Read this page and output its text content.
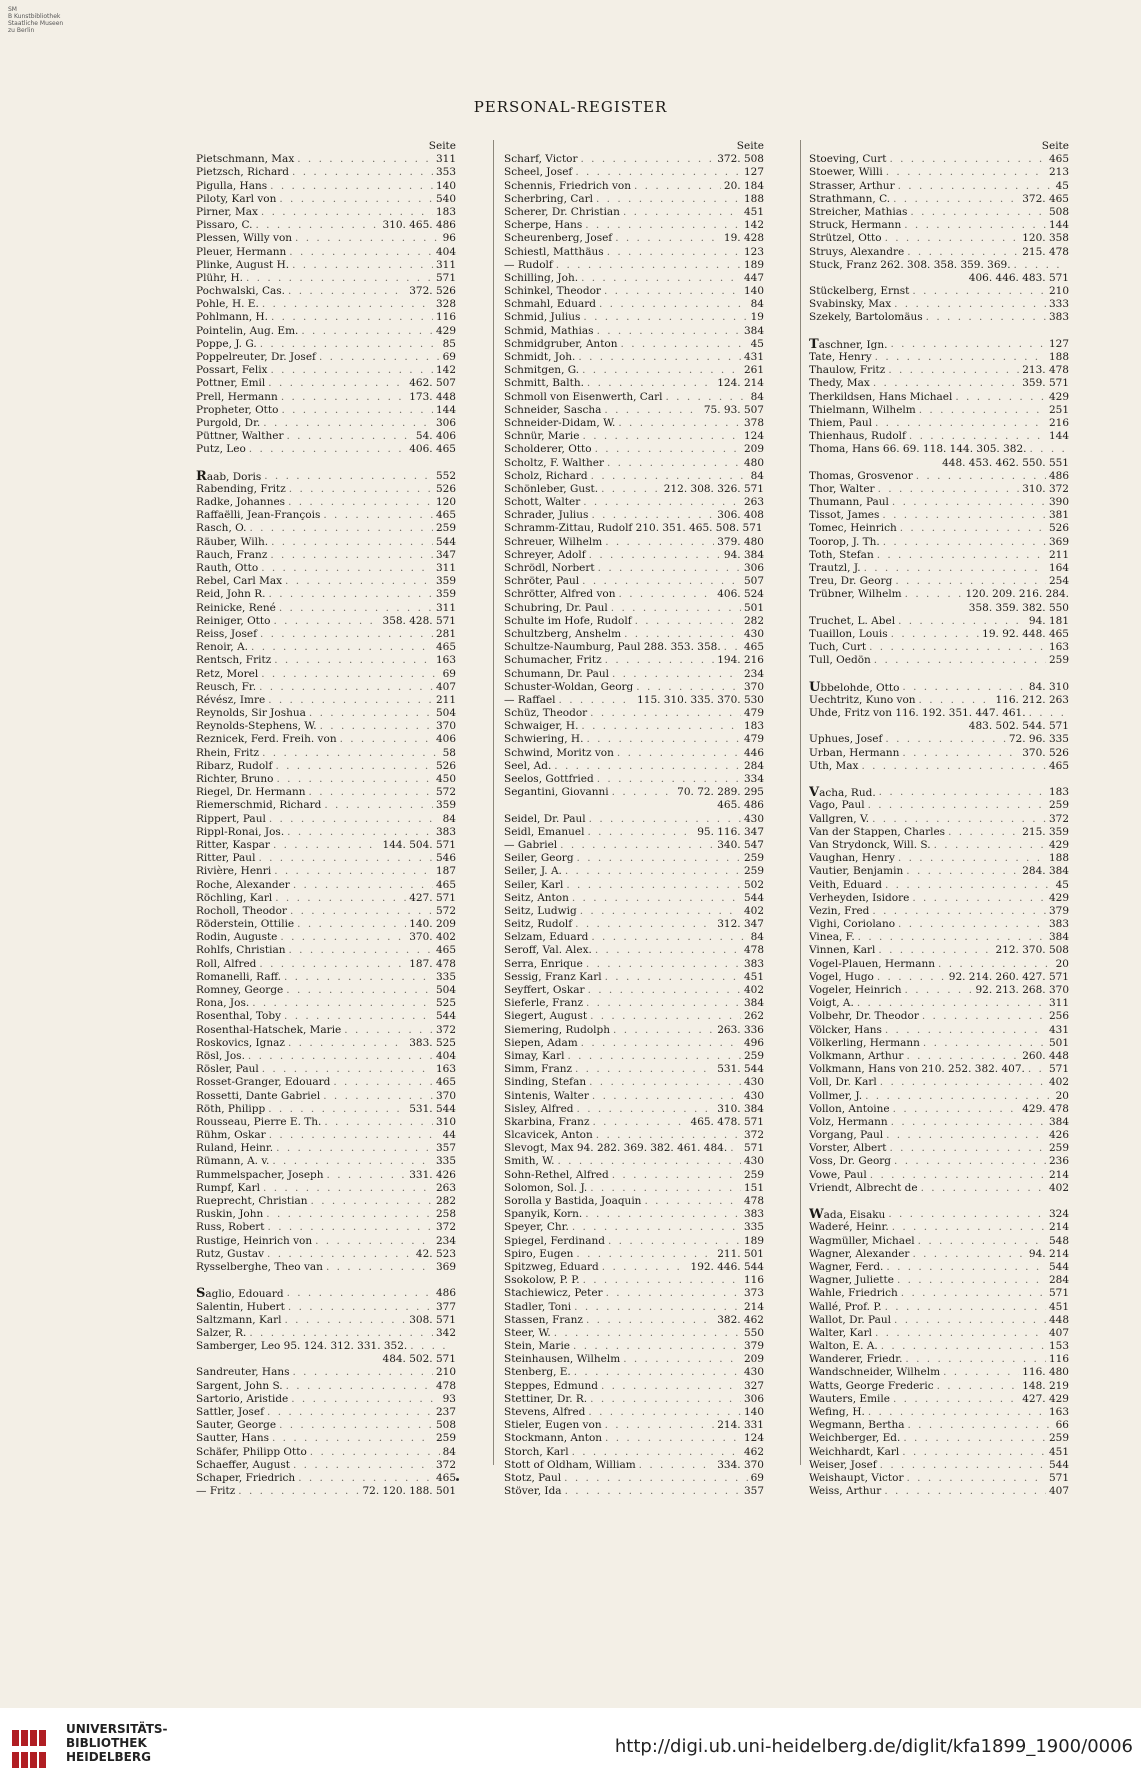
SM
B Kunstbibliothek
Staatliche Museen
zu Berlin
PERSONAL-REGISTER
Seite
Pietschmann, Max . . .	311
Pietzsch, Richard . . .	353
Pigulla, Hans . . .	140
Piloty, Karl von . . .	540
Pirner, Max . . .	183
Pissaro, C. . . .	310. 465. 486
Plessen, Willy von . . .	96
Pleuer, Hermann . . .	404
Plinke, August H. . . .	311
Plühr, H. . . .	571
Pochwalski, Cas. . . .	372. 526
Pohle, H. E. . . .	328
Pohlmann, H. . . .	116
Pointelin, Aug. Em. . . .	429
Poppe, J. G. . . .	85
Poppelreuter, Dr. Josef . . .	69
Possart, Felix . . .	142
Pottner, Emil . . .	462. 507
Prell, Hermann . . .	173. 448
Propheter, Otto . . .	144
Purgold, Dr. . . .	306
Püttner, Walther . . .	54. 406
Putz, Leo . . .	406. 465
Raab, Doris . . .	552
Rabending, Fritz . . .	526
Radke, Johannes . . .	120
Raffaëlli, Jean-François . . .	465
Rasch, O. . . .	259
Räuber, Wilh. . . .	544
Rauch, Franz . . .	347
Rauth, Otto . . .	311
Rebel, Carl Max . . .	359
Reid, John R. . . .	359
Reinicke, René . . .	311
Reiniger, Otto . . .	358. 428. 571
Reiss, Josef . . .	281
Renoir, A. . . .	465
Rentsch, Fritz . . .	163
Retz, Morel . . .	69
Reusch, Fr. . . .	407
Révész, Imre . . .	211
Reynolds, Sir Joshua . . .	504
Reynolds-Stephens, W. . . .	370
Reznicek, Ferd. Freih. von . . .	406
Rhein, Fritz . . .	58
Ribarz, Rudolf . . .	526
Richter, Bruno . . .	450
Riegel, Dr. Hermann . . .	572
Riemerschmid, Richard . . .	359
Rippert, Paul . . .	84
Rippl-Ronai, Jos. . . .	383
Ritter, Kaspar . . .	144. 504. 571
Ritter, Paul . . .	546
Rivière, Henri . . .	187
Roche, Alexander . . .	465
Röchling, Karl . . .	427. 571
Rocholl, Theodor . . .	572
Röderstein, Ottilie . . .	140. 209
Rodin, Auguste . . .	370. 402
Rohlfs, Christian . . .	465
Roll, Alfred . . .	187. 478
Romanelli, Raff. . . .	335
Romney, George . . .	504
Rona, Jos. . . .	525
Rosenthal, Toby . . .	544
Rosenthal-Hatschek, Marie . . .	372
Roskovics, Ignaz . . .	383. 525
Rösl, Jos. . . .	404
Rösler, Paul . . .	163
Rosset-Granger, Edouard . . .	465
Rossetti, Dante Gabriel . . .	370
Röth, Philipp . . .	531. 544
Rousseau, Pierre E. Th. . . .	310
Rühm, Oskar . . .	44
Ruland, Heinr. . . .	357
Rümann, A. v. . . .	335
Rummelspacher, Joseph . . .	331. 426
Rumpf, Karl . . .	263
Rueprecht, Christian . . .	282
Ruskin, John . . .	258
Russ, Robert . . .	372
Rustige, Heinrich von . . .	234
Rutz, Gustav . . .	42. 523
Rysselberghe, Theo van . . .	369
Saglio, Edouard . . .	486
Salentin, Hubert . . .	377
Saltzmann, Karl . . .	308. 571
Salzer, R. . . .	342
Samberger, Leo 95. 124. 312. 331. 352.
. . .
484. 502. 571
Sandreuter, Hans . . .	210
Sargent, John S. . . .	478
Sartorio, Aristide . . .	93
Sattler, Josef . . .	237
Sauter, George . . .	508
Sautter, Hans . . .	259
Schäfer, Philipp Otto . . .	84
Schaeffer, August . . .	372
Schaper, Friedrich . . .	465
— Fritz . . .	72. 120. 188. 501
Seite
Scharf, Victor . . .	372. 508
Scheel, Josef . . .	127
Schennis, Friedrich von . . .	20. 184
Scherbring, Carl . . .	188
Scherer, Dr. Christian . . .	451
Scherpe, Hans . . .	142
Scheurenberg, Josef . . .	19. 428
Schiestl, Matthäus . . .	123
— Rudolf . . .	189
Schilling, Joh. . . .	447
Schinkel, Theodor . . .	140
Schmahl, Eduard . . .	84
Schmid, Julius . . .	19
Schmid, Mathias . . .	384
Schmidgruber, Anton . . .	45
Schmidt, Joh. . . .	431
Schmitgen, G. . . .	261
Schmitt, Balth. . . .	124. 214
Schmoll von Eisenwerth, Carl . . .	84
Schneider, Sascha . . .	75. 93. 507
Schneider-Didam, W. . . .	378
Schnür, Marie . . .	124
Scholderer, Otto . . .	209
Scholtz, F. Walther . . .	480
Scholz, Richard . . .	84
Schönleber, Gust. . . .	212. 308. 326. 571
Schott, Walter . . .	263
Schrader, Julius . . .	306. 408
Schramm-Zittau, Rudolf 210. 351. 465. 508. 571
Schreuer, Wilhelm . . .	379. 480
Schreyer, Adolf . . .	94. 384
Schrödl, Norbert . . .	306
Schröter, Paul . . .	507
Schrötter, Alfred von . . .	406. 524
Schubring, Dr. Paul . . .	501
Schulte im Hofe, Rudolf . . .	282
Schultzberg, Anshelm . . .	430
Schultze-Naumburg, Paul 288. 353. 358. . . . 465
Schumacher, Fritz . . .	194. 216
Schumann, Dr. Paul . . .	234
Schuster-Woldan, Georg . . .	370
— Raffael . . .	115. 310. 335. 370. 530
Schüz, Theodor . . .	479
Schwaiger, H. . . .	183
Schwiering, H. . . .	479
Schwind, Moritz von . . .	446
Seel, Ad. . . .	284
Seelos, Gottfried . . .	334
Segantini, Giovanni . . .	70. 72. 289. 295
465. 486
Seidel, Dr. Paul . . .	430
Seidl, Emanuel . . .	95. 116. 347
— Gabriel . . .	340. 547
Seiler, Georg . . .	259
Seiler, J. A. . . .	259
Seiler, Karl . . .	502
Seitz, Anton . . .	544
Seitz, Ludwig . . .	402
Seitz, Rudolf . . .	312. 347
Selzam, Eduard . . .	84
Seroff, Val. Alex. . . .	478
Serra, Enrique . . .	383
Sessig, Franz Karl . . .	451
Seyffert, Oskar . . .	402
Sieferle, Franz . . .	384
Siegert, August . . .	262
Siemering, Rudolph . . .	263. 336
Siepen, Adam . . .	496
Simay, Karl . . .	259
Simm, Franz . . .	531. 544
Sinding, Stefan . . .	430
Sintenis, Walter . . .	430
Sisley, Alfred . . .	310. 384
Skarbina, Franz . . .	465. 478. 571
Slcavicek, Anton . . .	372
Slevogt, Max 94. 282. 369. 382. 461. 484. . . . 571
Smith, W. . . .	430
Sohn-Rethel, Alfred . . .	259
Solomon, Sol. J. . . .	151
Sorolla y Bastida, Joaquin . . .	478
Spanyik, Korn. . . .	383
Speyer, Chr. . . .	335
Spiegel, Ferdinand . . .	189
Spiro, Eugen . . .	211. 501
Spitzweg, Eduard . . .	192. 446. 544
Ssokolow, P. P. . . .	116
Stachiewicz, Peter . . .	373
Stadler, Toni . . .	214
Stassen, Franz . . .	382. 462
Steer, W. . . .	550
Stein, Marie . . .	379
Steinhausen, Wilhelm . . .	209
Stenberg, E. . . .	430
Steppes, Edmund . . .	327
Stettiner, Dr. R. . . .	306
Stevens, Alfred . . .	140
Stieler, Eugen von . . .	214. 331
Stockmann, Anton . . .	124
Storch, Karl . . .	462
Stott of Oldham, William . . .	334. 370
Stotz, Paul . . .	69
Stöver, Ida . . .	357
Seite
Stoeving, Curt . . .	465
Stoewer, Willi . . .	213
Strasser, Arthur . . .	45
Strathmann, C. . . .	372. 465
Streicher, Mathias . . .	508
Struck, Hermann . . .	144
Strützel, Otto . . .	120. 358
Struys, Alexandre . . .	215. 478
Stuck, Franz 262. 308. 358. 359. 369.
. . .
406. 446. 483. 571
Stückelberg, Ernst . . .	210
Svabinsky, Max . . .	333
Szekely, Bartolomäus . . .	383
Taschner, Ign. . . .	127
Tate, Henry . . .	188
Thaulow, Fritz . . .	213. 478
Thedy, Max . . .	359. 571
Therkildsen, Hans Michael . . .	429
Thielmann, Wilhelm . . .	251
Thiem, Paul . . .	216
Thienhaus, Rudolf . . .	144
Thoma, Hans 66. 69. 118. 144. 305. 382.
. . .
448. 453. 462. 550. 551
Thomas, Grosvenor . . .	486
Thor, Walter . . .	310. 372
Thumann, Paul . . .	390
Tissot, James . . .	381
Tomec, Heinrich . . .	526
Toorop, J. Th. . . .	369
Toth, Stefan . . .	211
Trautzl, J. . . .	164
Treu, Dr. Georg . . .	254
Trübner, Wilhelm . . .	120. 209. 216. 284.
358. 359. 382. 550
Truchet, L. Abel . . .	94. 181
Tuaillon, Louis . . .	19. 92. 448. 465
Tuch, Curt . . .	163
Tull, Oedön . . .	259
Ubbelohde, Otto . . .	84. 310
Uechtritz, Kuno von . . .	116. 212. 263
Uhde, Fritz von 116. 192. 351. 447. 461.
. . .
483. 502. 544. 571
Uphues, Josef . . .	72. 96. 335
Urban, Hermann . . .	370. 526
Uth, Max . . .	465
Vacha, Rud. . . .	183
Vago, Paul . . .	259
Vallgren, V. . . .	372
Van der Stappen, Charles . . .	215. 359
Van Strydonck, Will. S. . . .	429
Vaughan, Henry . . .	188
Vautier, Benjamin . . .	284. 384
Veith, Eduard . . .	45
Verheyden, Isidore . . .	429
Vezin, Fred . . .	379
Vighi, Coriolano . . .	383
Vinea, F. . . .	384
Vinnen, Karl . . .	212. 370. 508
Vogel-Plauen, Hermann . . .	20
Vogel, Hugo . . .	92. 214. 260. 427. 571
Vogeler, Heinrich . . .	92. 213. 268. 370
Voigt, A. . . .	311
Volbehr, Dr. Theodor . . .	256
Völcker, Hans . . .	431
Völkerling, Hermann . . .	501
Volkmann, Arthur . . .	260. 448
Volkmann, Hans von 210. 252. 382. 407. . . . 571
Voll, Dr. Karl . . .	402
Vollmer, J. . . .	20
Vollon, Antoine . . .	429. 478
Volz, Hermann . . .	384
Vorgang, Paul . . .	426
Vorster, Albert . . .	259
Voss, Dr. Georg . . .	236
Vowe, Paul . . .	214
Vriendt, Albrecht de . . .	402
Wada, Eisaku . . .	324
Waderé, Heinr. . . .	214
Wagmüller, Michael . . .	548
Wagner, Alexander . . .	94. 214
Wagner, Ferd. . . .	544
Wagner, Juliette . . .	284
Wahle, Friedrich . . .	571
Wallé, Prof. P. . . .	451
Wallot, Dr. Paul . . .	448
Walter, Karl . . .	407
Walton, E. A. . . .	153
Wanderer, Friedr. . . .	116
Wandschneider, Wilhelm . . .	116. 480
Watts, George Frederic . . .	148. 219
Wauters, Emile . . .	427. 429
Wefing, H. . . .	163
Wegmann, Bertha . . .	66
Weichberger, Ed. . . .	259
Weichhardt, Karl . . .	451
Weiser, Josef . . .	544
Weishaupt, Victor . . .	571
Weiss, Arthur . . .	407
UNIVERSITÄTS-
BIBLIOTHEK
HEIDELBERG	http://digi.ub.uni-heidelberg.de/diglit/kfa1899_1900/0006
